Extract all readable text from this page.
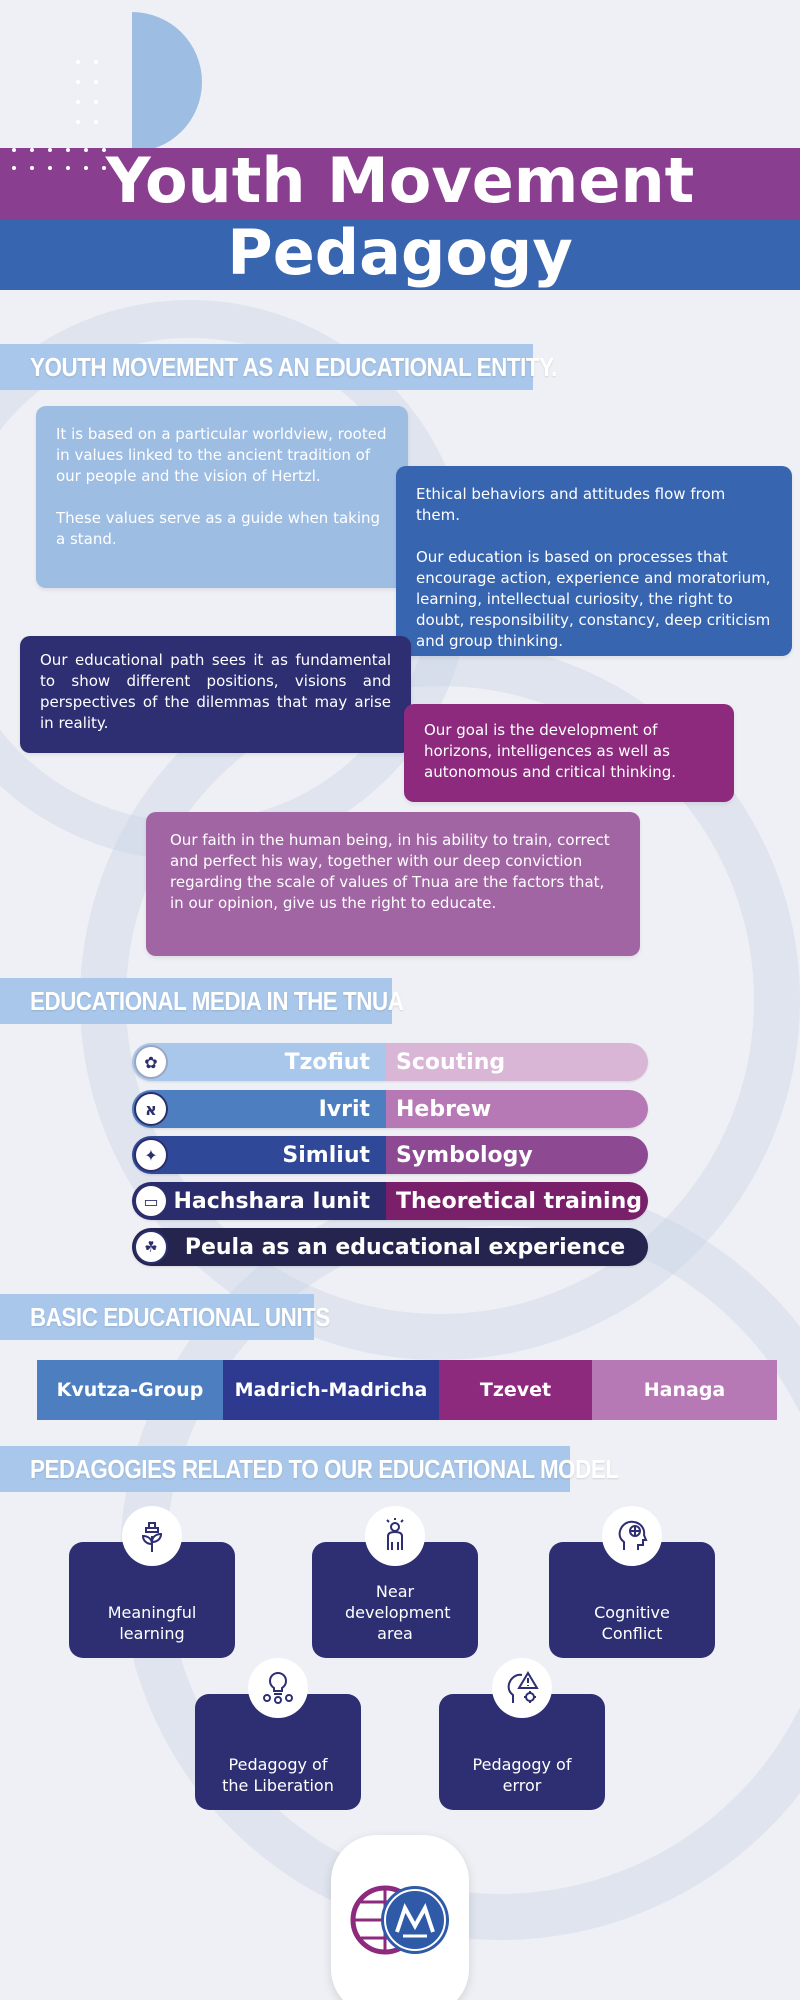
Youth Movement
Pedagogy
YOUTH MOVEMENT AS AN EDUCATIONAL ENTITY.

It is based on a particular worldview, rooted in values linked to the ancient tradition of our people and the vision of Hertzl.

These values serve as a guide when taking a stand.

Ethical behaviors and attitudes flow from them.

Our education is based on processes that encourage action, experience and moratorium, learning, intellectual curiosity, the right to doubt, responsibility, constancy, deep criticism and group thinking.

Our educational path sees it as fundamental to show different positions, visions and perspectives of the dilemmas that may arise in reality.	Our goal is the development of horizons, intelligences as well as autonomous and critical thinking.

Our faith in the human being, in his ability to train, correct and perfect his way, together with our deep conviction regarding the scale of values of Tnua are the factors that, in our opinion, give us the right to educate.

EDUCATIONAL MEDIA IN THE TNUA
✿	Tzofiut Scouting
א	Ivrit Hebrew
✦	Simliut Symbology
▭ Hachshara Iunit Theoretical training
☘	Peula as an educational experience
BASIC EDUCATIONAL UNITS
Kvutza-Group	Madrich-Madricha	Tzevet	Hanaga
PEDAGOGIES RELATED TO OUR EDUCATIONAL MODEL
Meaningful learning
Near development area
Cognitive Conflict
Pedagogy of the Liberation
Pedagogy of error
